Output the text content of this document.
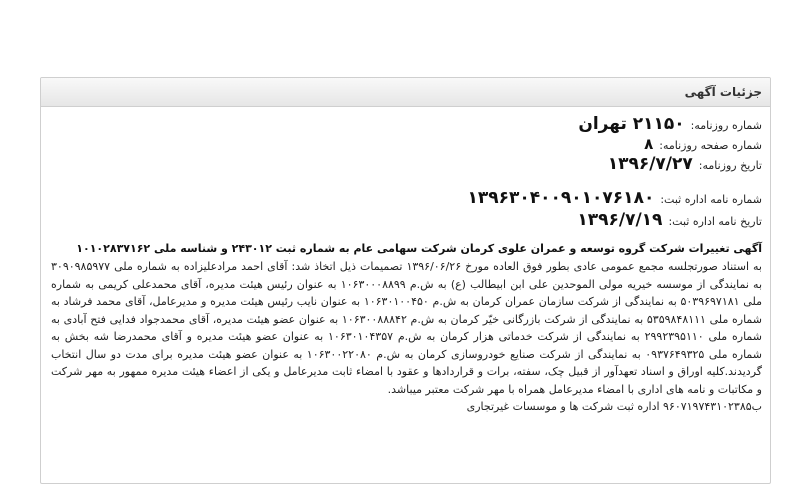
جزئیات آگهی
شماره روزنامه:
۲۱۱۵۰ تهران
شماره صفحه روزنامه:
۸
تاریخ روزنامه:
۱۳۹۶/۷/۲۷
شماره نامه اداره ثبت:
۱۳۹۶۳۰۴۰۰۹۰۱۰۷۶۱۸۰
تاریخ نامه اداره ثبت:
۱۳۹۶/۷/۱۹
آگهی تغییرات شرکت گروه توسعه و عمران علوی کرمان شرکت سهامی عام به شماره ثبت ۲۴۳۰۱۲ و شناسه ملی ۱۰۱۰۲۸۳۷۱۶۲
به استناد صورتجلسه مجمع عمومی عادی بطور فوق العاده مورخ ۱۳۹۶/۰۶/۲۶ تصمیمات ذیل اتخاذ شد: آقای احمد مرادعلیزاده به شماره ملی ۳۰۹۰۹۸۵۹۷۷ به نمایندگی از موسسه خیریه مولی الموحدین علی ابن ابیطالب (ع) به ش.م ۱۰۶۳۰۰۰۸۸۹۹ به عنوان رئیس هیئت مدیره، آقای محمدعلی کریمی به شماره ملی ۵۰۳۹۶۹۷۱۸۱ به نمایندگی از شرکت سازمان عمران کرمان به ش.م ۱۰۶۳۰۱۰۰۴۵۰ به عنوان نایب رئیس هیئت مدیره و مدیرعامل، آقای محمد فرشاد به شماره ملی ۵۳۵۹۸۴۸۱۱۱ به نمایندگی از شرکت بازرگانی خیّر کرمان به ش.م ۱۰۶۳۰۰۸۸۸۴۲ به عنوان عضو هیئت مدیره، آقای محمدجواد فدایی فتح آبادی به شماره ملی ۲۹۹۲۳۹۵۱۱۰ به نمایندگی از شرکت خدماتی هزار کرمان به ش.م ۱۰۶۳۰۱۰۴۳۵۷ به عنوان عضو هیئت مدیره و آقای محمدرضا شه بخش به شماره ملی ۰۹۳۷۶۴۹۳۲۵ به نمایندگی از شرکت صنایع خودروسازی کرمان به ش.م ۱۰۶۳۰۰۲۲۰۸۰ به عنوان عضو هیئت مدیره برای مدت دو سال انتخاب گردیدند.کلیه اوراق و اسناد تعهدآور از قبیل چک، سفته، برات و قراردادها و عقود با امضاء ثابت مدیرعامل و یکی از اعضاء هیئت مدیره ممهور به مهر شرکت و مکاتبات و نامه های اداری با امضاء مدیرعامل همراه با مهر شرکت معتبر میباشد.
ب۹۶۰۷۱۹۷۴۳۱۰۲۳۸۵ اداره ثبت شرکت ها و موسسات غیرتجاری
